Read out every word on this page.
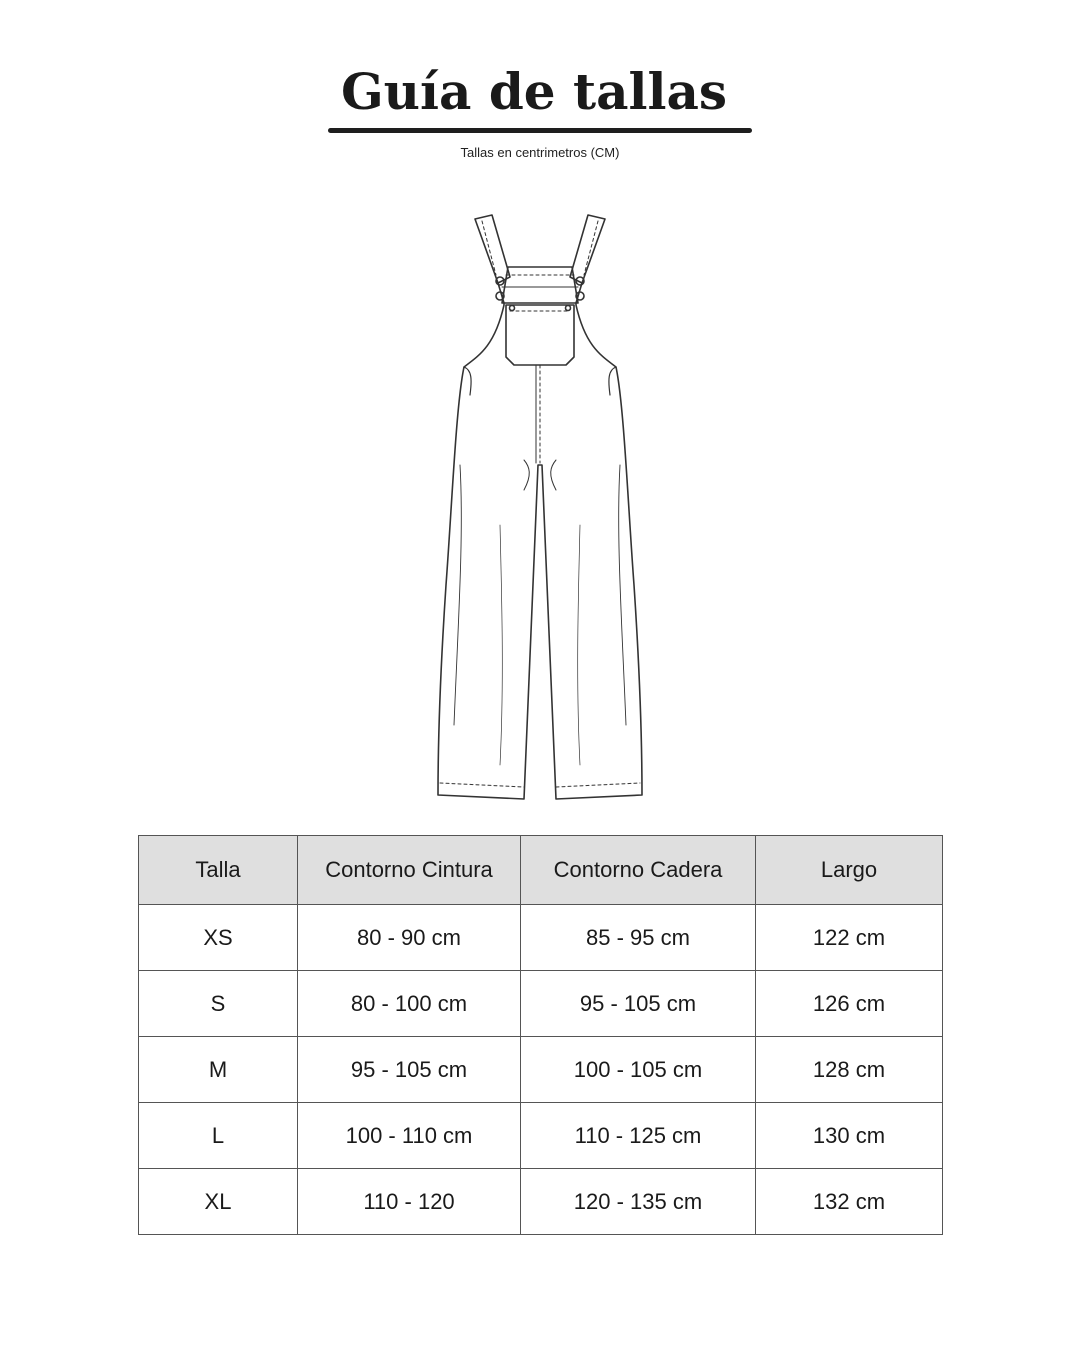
Guía de tallas
Tallas en centrimetros (CM)
Talla	Contorno Cintura	Contorno Cadera	Largo
XS	80 - 90 cm	85 - 95 cm	122 cm
S	80 - 100 cm	95 - 105 cm	126 cm
M	95 - 105 cm	100 - 105 cm	128 cm
L	100 - 110 cm	110 - 125 cm	130 cm
XL	110 - 120	120 - 135 cm	132 cm
